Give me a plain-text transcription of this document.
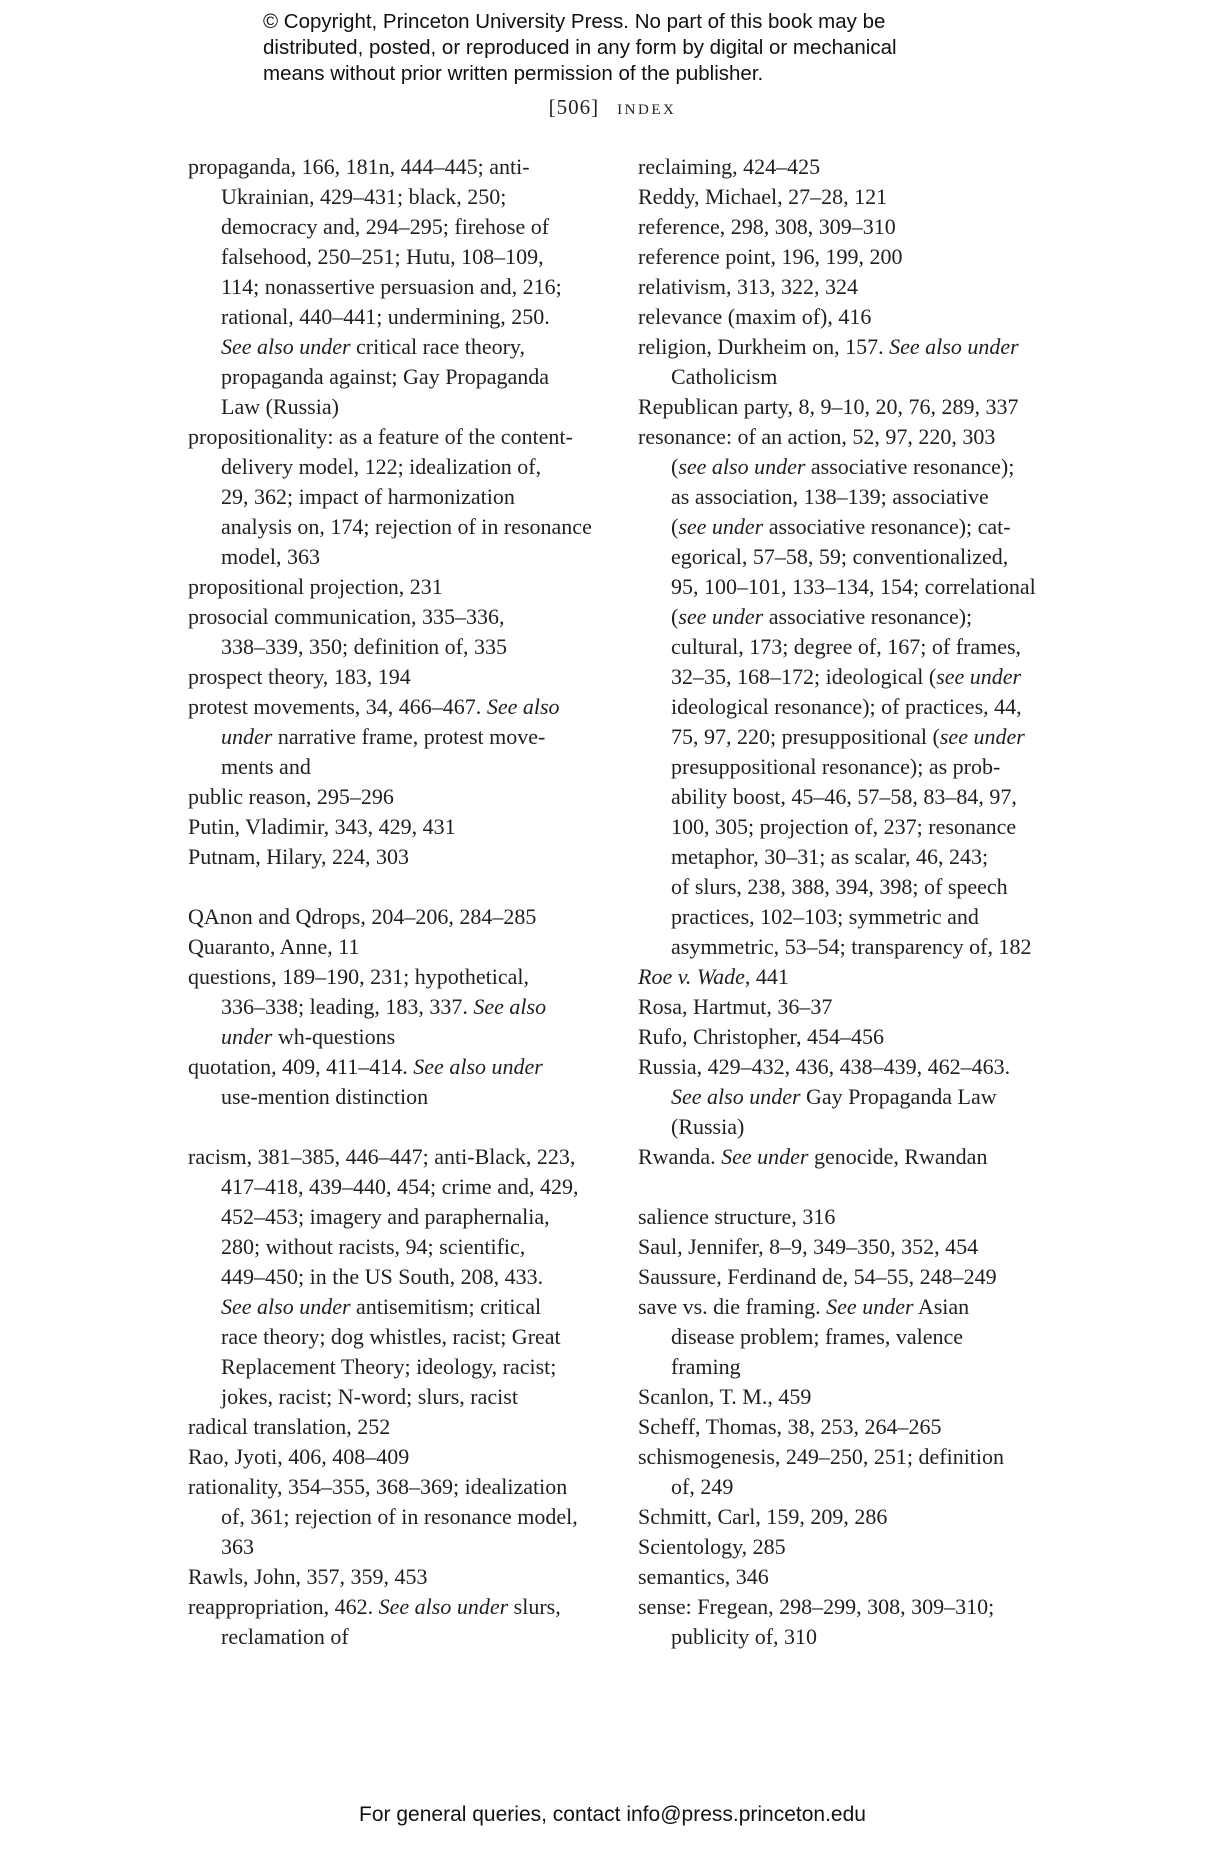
© Copyright, Princeton University Press. No part of this book may be
distributed, posted, or reproduced in any form by digital or mechanical
means without prior written permission of the publisher.
[506] index
propaganda, 166, 181n, 444–445; anti-
Ukrainian, 429–431; black, 250;
democracy and, 294–295; firehose of
falsehood, 250–251; Hutu, 108–109,
114; nonassertive persuasion and, 216;
rational, 440–441; undermining, 250.
See also under critical race theory,
propaganda against; Gay Propaganda
Law (Russia)
propositionality: as a feature of the content-
delivery model, 122; idealization of,
29, 362; impact of harmonization
analysis on, 174; rejection of in resonance
model, 363
propositional projection, 231
prosocial communication, 335–336,
338–339, 350; definition of, 335
prospect theory, 183, 194
protest movements, 34, 466–467. See also
under narrative frame, protest move-
ments and
public reason, 295–296
Putin, Vladimir, 343, 429, 431
Putnam, Hilary, 224, 303
QAnon and Qdrops, 204–206, 284–285
Quaranto, Anne, 11
questions, 189–190, 231; hypothetical,
336–338; leading, 183, 337. See also
under wh-questions
quotation, 409, 411–414. See also under
use-mention distinction
racism, 381–385, 446–447; anti-Black, 223,
417–418, 439–440, 454; crime and, 429,
452–453; imagery and paraphernalia,
280; without racists, 94; scientific,
449–450; in the US South, 208, 433.
See also under antisemitism; critical
race theory; dog whistles, racist; Great
Replacement Theory; ideology, racist;
jokes, racist; N-word; slurs, racist
radical translation, 252
Rao, Jyoti, 406, 408–409
rationality, 354–355, 368–369; idealization
of, 361; rejection of in resonance model,
363
Rawls, John, 357, 359, 453
reappropriation, 462. See also under slurs,
reclamation of
reclaiming, 424–425
Reddy, Michael, 27–28, 121
reference, 298, 308, 309–310
reference point, 196, 199, 200
relativism, 313, 322, 324
relevance (maxim of), 416
religion, Durkheim on, 157. See also under
Catholicism
Republican party, 8, 9–10, 20, 76, 289, 337
resonance: of an action, 52, 97, 220, 303
(see also under associative resonance);
as association, 138–139; associative
(see under associative resonance); cat-
egorical, 57–58, 59; conventionalized,
95, 100–101, 133–134, 154; correlational
(see under associative resonance);
cultural, 173; degree of, 167; of frames,
32–35, 168–172; ideological (see under
ideological resonance); of practices, 44,
75, 97, 220; presuppositional (see under
presuppositional resonance); as prob-
ability boost, 45–46, 57–58, 83–84, 97,
100, 305; projection of, 237; resonance
metaphor, 30–31; as scalar, 46, 243;
of slurs, 238, 388, 394, 398; of speech
practices, 102–103; symmetric and
asymmetric, 53–54; transparency of, 182
Roe v. Wade, 441
Rosa, Hartmut, 36–37
Rufo, Christopher, 454–456
Russia, 429–432, 436, 438–439, 462–463.
See also under Gay Propaganda Law
(Russia)
Rwanda. See under genocide, Rwandan
salience structure, 316
Saul, Jennifer, 8–9, 349–350, 352, 454
Saussure, Ferdinand de, 54–55, 248–249
save vs. die framing. See under Asian
disease problem; frames, valence
framing
Scanlon, T. M., 459
Scheff, Thomas, 38, 253, 264–265
schismogenesis, 249–250, 251; definition
of, 249
Schmitt, Carl, 159, 209, 286
Scientology, 285
semantics, 346
sense: Fregean, 298–299, 308, 309–310;
publicity of, 310
For general queries, contact info@press.princeton.edu
